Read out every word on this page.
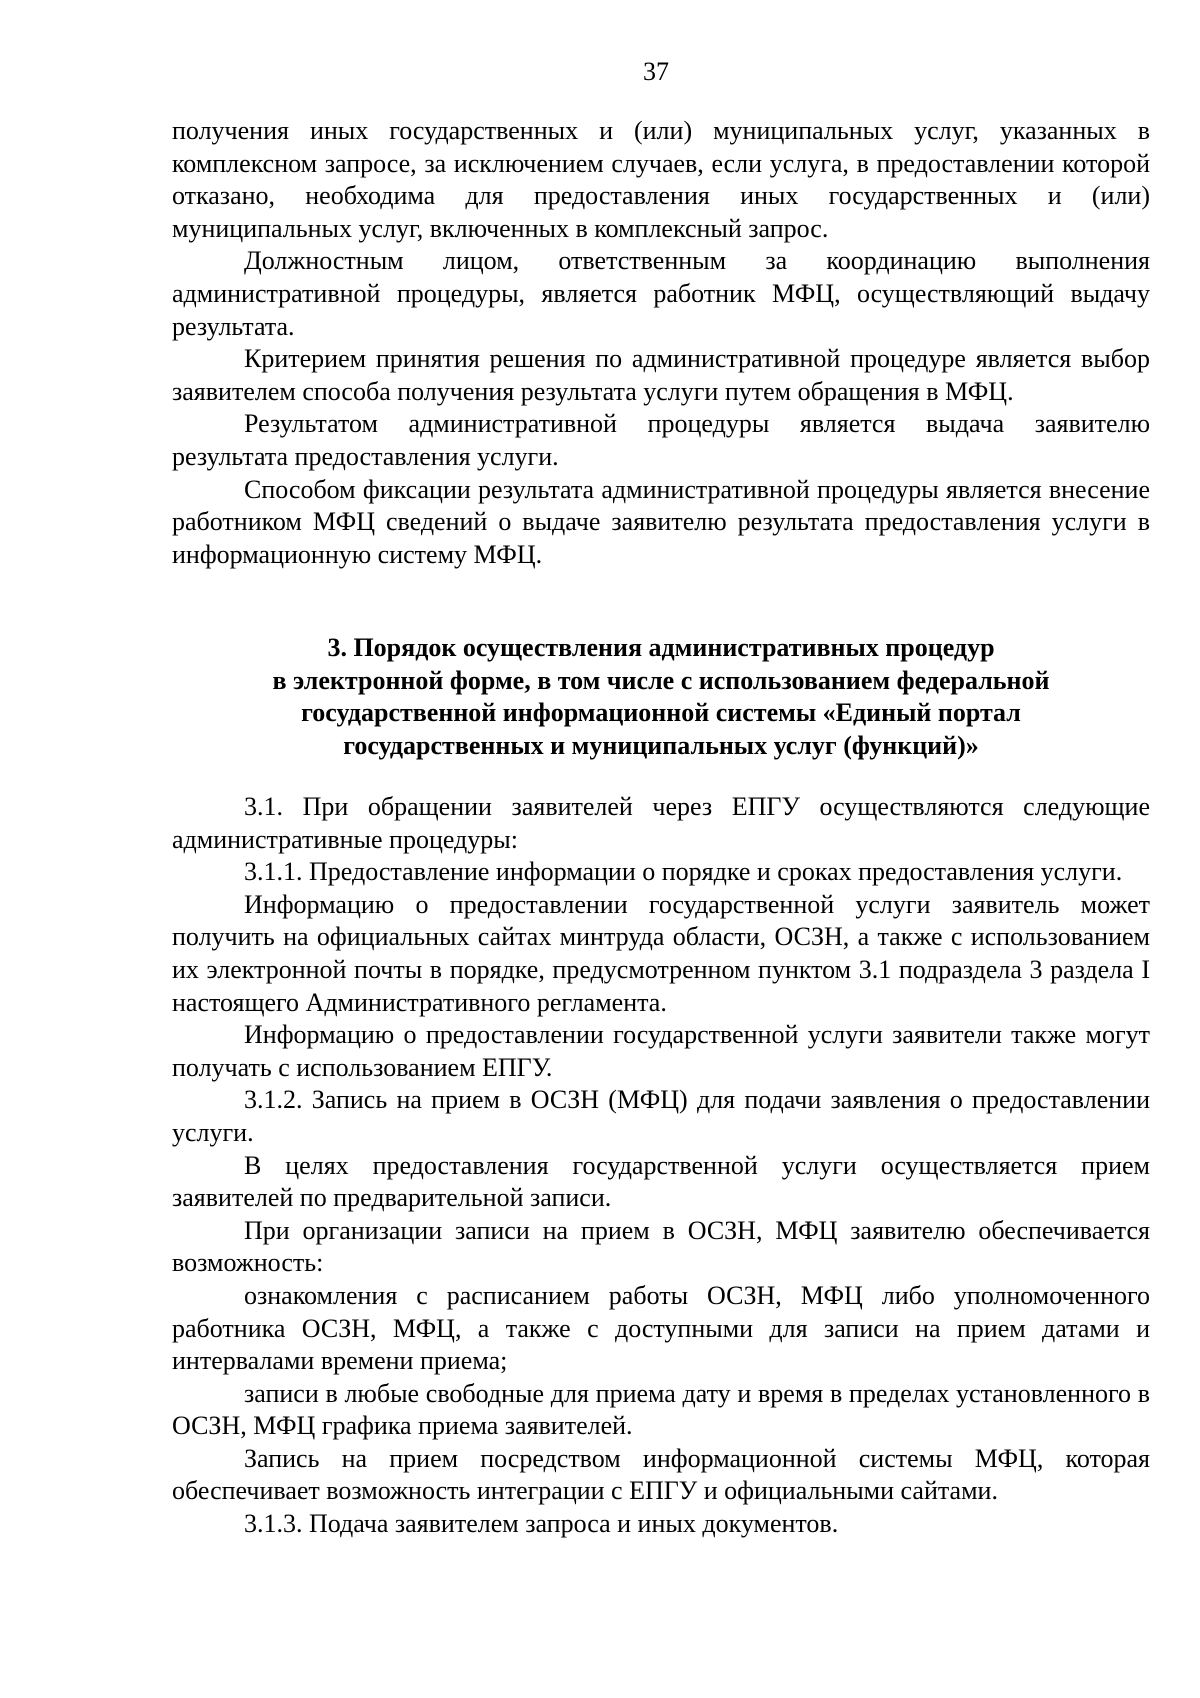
37

получения иных государственных и (или) муниципальных услуг, указанных в комплексном запросе, за исключением случаев, если услуга, в предоставлении которой отказано, необходима для предоставления иных государственных и (или) муниципальных услуг, включенных в комплексный запрос.

Должностным лицом, ответственным за координацию выполнения административной процедуры, является работник МФЦ, осуществляющий выдачу результата.

Критерием принятия решения по административной процедуре является выбор заявителем способа получения результата услуги путем обращения в МФЦ.

Результатом административной процедуры является выдача заявителю результата предоставления услуги.

Способом фиксации результата административной процедуры является внесение работником МФЦ сведений о выдаче заявителю результата предоставления услуги в информационную систему МФЦ.

3. Порядок осуществления административных процедур
в электронной форме, в том числе с использованием федеральной
государственной информационной системы «Единый портал
государственных и муниципальных услуг (функций)»

3.1. При обращении заявителей через ЕПГУ осуществляются следующие административные процедуры:

3.1.1. Предоставление информации о порядке и сроках предоставления услуги.

Информацию о предоставлении государственной услуги заявитель может получить на официальных сайтах минтруда области, ОСЗН, а также с использованием их электронной почты в порядке, предусмотренном пунктом 3.1 подраздела 3 раздела I настоящего Административного регламента.

Информацию о предоставлении государственной услуги заявители также могут получать с использованием ЕПГУ.

3.1.2. Запись на прием в ОСЗН (МФЦ) для подачи заявления о предоставлении услуги.

В целях предоставления государственной услуги осуществляется прием заявителей по предварительной записи.

При организации записи на прием в ОСЗН, МФЦ заявителю обеспечивается возможность:

ознакомления с расписанием работы ОСЗН, МФЦ либо уполномоченного работника ОСЗН, МФЦ, а также с доступными для записи на прием датами и интервалами времени приема;

записи в любые свободные для приема дату и время в пределах установленного в ОСЗН, МФЦ графика приема заявителей.

Запись на прием посредством информационной системы МФЦ, которая обеспечивает возможность интеграции с ЕПГУ и официальными сайтами.

3.1.3. Подача заявителем запроса и иных документов.
